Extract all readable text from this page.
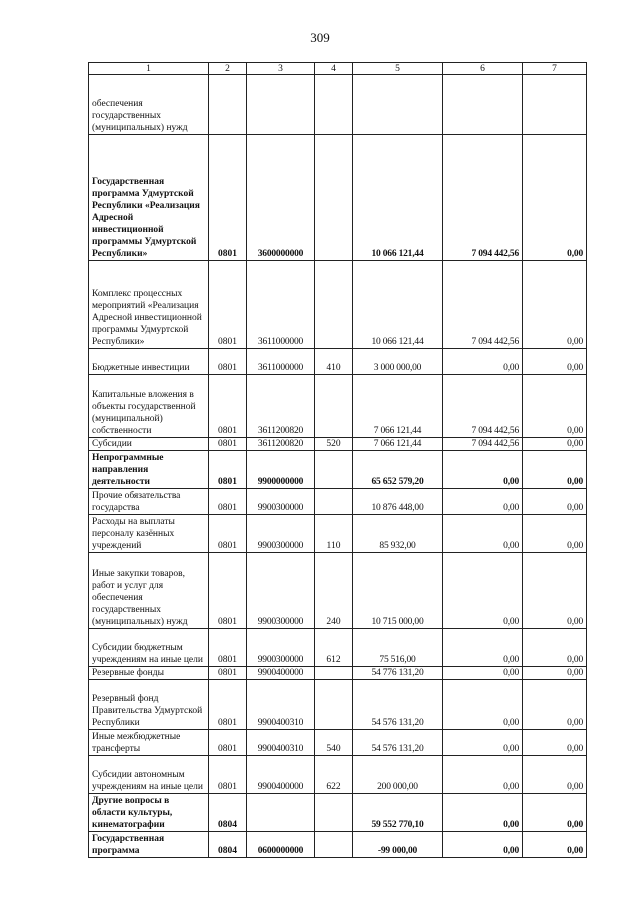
309
1	2	3	4	5	6	7
обеспечения государственных (муниципальных) нужд						
Государственная программа Удмуртской Республики «Реализация Адресной инвестиционной программы Удмуртской Республики»	0801	3600000000		10 066 121,44	7 094 442,56	0,00
Комплекс процессных мероприятий «Реализация Адресной инвестиционной программы Удмуртской Республики»	0801	3611000000		10 066 121,44	7 094 442,56	0,00
Бюджетные инвестиции	0801	3611000000	410	3 000 000,00	0,00	0,00
Капитальные вложения в объекты государственной (муниципальной) собственности	0801	3611200820		7 066 121,44	7 094 442,56	0,00
Субсидии	0801	3611200820	520	7 066 121,44	7 094 442,56	0,00
Непрограммные направления деятельности	0801	9900000000		65 652 579,20	0,00	0,00
Прочие обязательства государства	0801	9900300000		10 876 448,00	0,00	0,00
Расходы на выплаты персоналу казённых учреждений	0801	9900300000	110	85 932,00	0,00	0,00
Иные закупки товаров, работ и услуг для обеспечения государственных (муниципальных) нужд	0801	9900300000	240	10 715 000,00	0,00	0,00
Субсидии бюджетным учреждениям на иные цели	0801	9900300000	612	75 516,00	0,00	0,00
Резервные фонды	0801	9900400000		54 776 131,20	0,00	0,00
Резервный фонд Правительства Удмуртской Республики	0801	9900400310		54 576 131,20	0,00	0,00
Иные межбюджетные трансферты	0801	9900400310	540	54 576 131,20	0,00	0,00
Субсидии автономным учреждениям на иные цели	0801	9900400000	622	200 000,00	0,00	0,00
Другие вопросы в области культуры, кинематографии	0804			59 552 770,10	0,00	0,00
Государственная программа	0804	0600000000		-99 000,00	0,00	0,00
